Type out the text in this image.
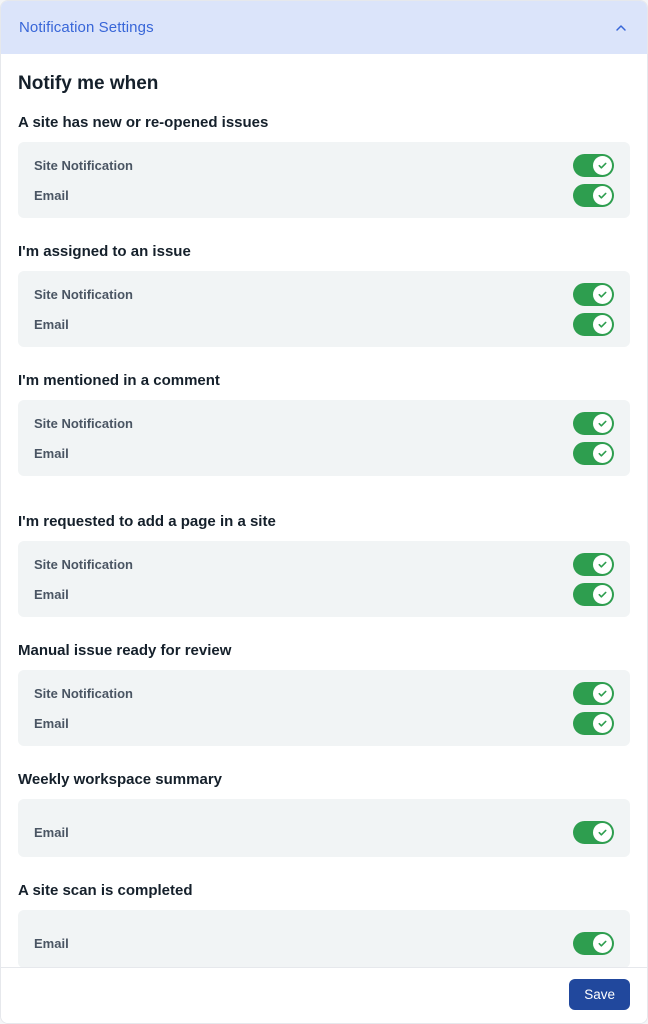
Notification Settings
Notify me when
A site has new or re-opened issues
Site Notification
Email
I'm assigned to an issue
Site Notification
Email
I'm mentioned in a comment
Site Notification
Email
I'm requested to add a page in a site
Site Notification
Email
Manual issue ready for review
Site Notification
Email
Weekly workspace summary
Email
A site scan is completed
Email
Save
